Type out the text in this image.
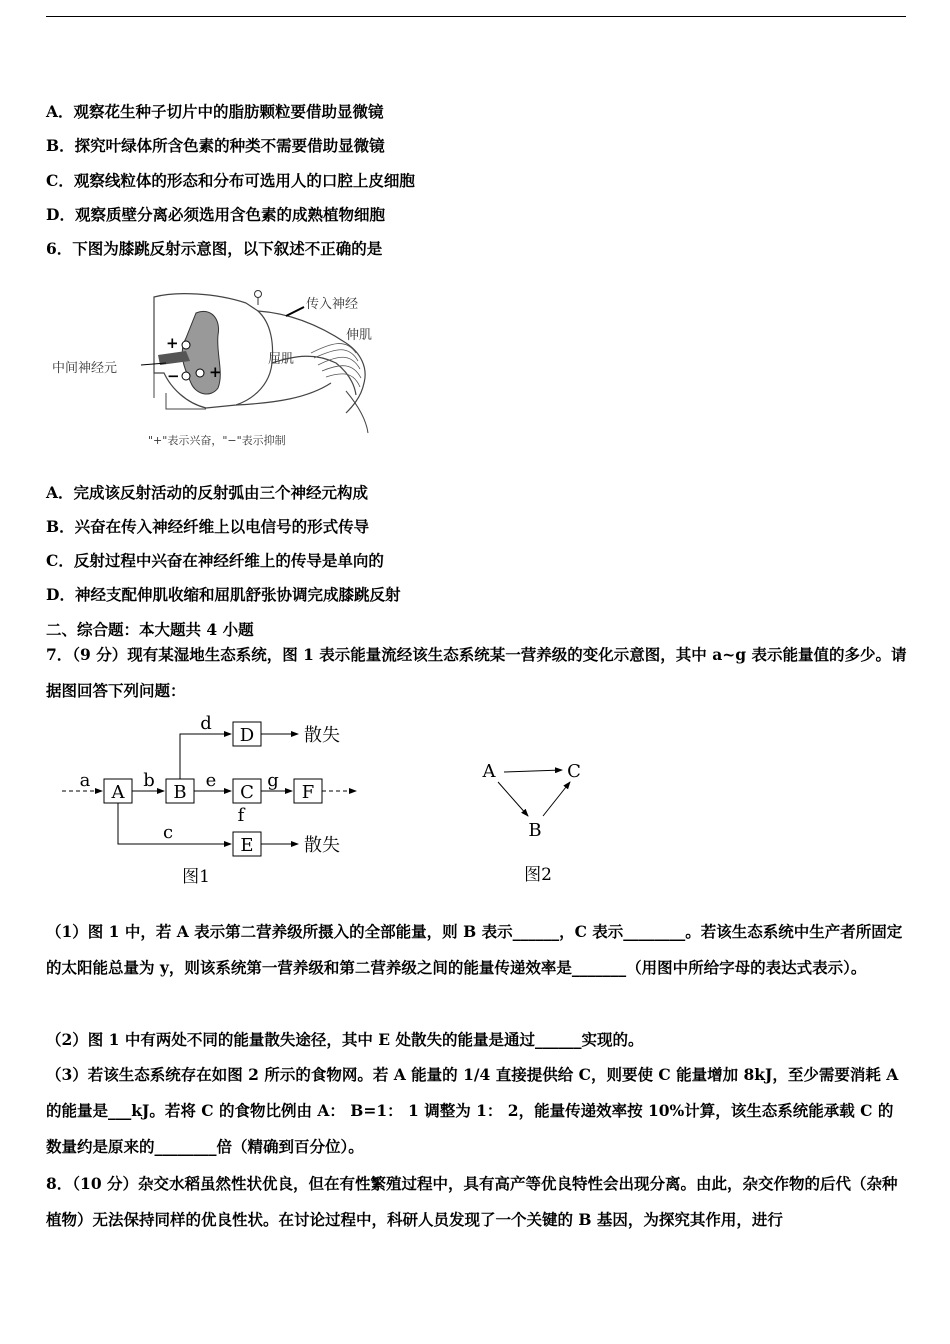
A．观察花生种子切片中的脂肪颗粒要借助显微镜
B．探究叶绿体所含色素的种类不需要借助显微镜
C．观察线粒体的形态和分布可选用人的口腔上皮细胞
D．观察质壁分离必须选用含色素的成熟植物细胞
6．下图为膝跳反射示意图，以下叙述不正确的是
传入神经
伸肌
屈肌
中间神经元
+
− +
"+"表示兴奋，"−"表示抑制
A．完成该反射活动的反射弧由三个神经元构成
B．兴奋在传入神经纤维上以电信号的形式传导
C．反射过程中兴奋在神经纤维上的传导是单向的
D．神经支配伸肌收缩和屈肌舒张协调完成膝跳反射
二、综合题：本大题共 4 小题
7．（9 分）现有某湿地生态系统，图 1 表示能量流经该生态系统某一营养级的变化示意图，其中 a~g 表示能量值的多少。请据图回答下列问题：
A	B	C
D
E
F
a	b
c
d
e
f
g
散失
散失
图1
A
B
C
图2
（1）图 1 中，若 A 表示第二营养级所摄入的全部能量，则 B 表示______，C 表示________。若该生态系统中生产者所固定的太阳能总量为 y，则该系统第一营养级和第二营养级之间的能量传递效率是_______（用图中所给字母的表达式表示）。
（2）图 1 中有两处不同的能量散失途径，其中 E 处散失的能量是通过______实现的。
（3）若该生态系统存在如图 2 所示的食物网。若 A 能量的 1/4 直接提供给 C，则要使 C 能量增加 8kJ，至少需要消耗 A 的能量是___kJ。若将 C 的食物比例由 A： B=1： 1 调整为 1： 2，能量传递效率按 10%计算，该生态系统能承载 C 的数量约是原来的________倍（精确到百分位）。
8．（10 分）杂交水稻虽然性状优良，但在有性繁殖过程中，具有高产等优良特性会出现分离。由此，杂交作物的后代（杂种植物）无法保持同样的优良性状。在讨论过程中，科研人员发现了一个关键的 B 基因，为探究其作用，进行
